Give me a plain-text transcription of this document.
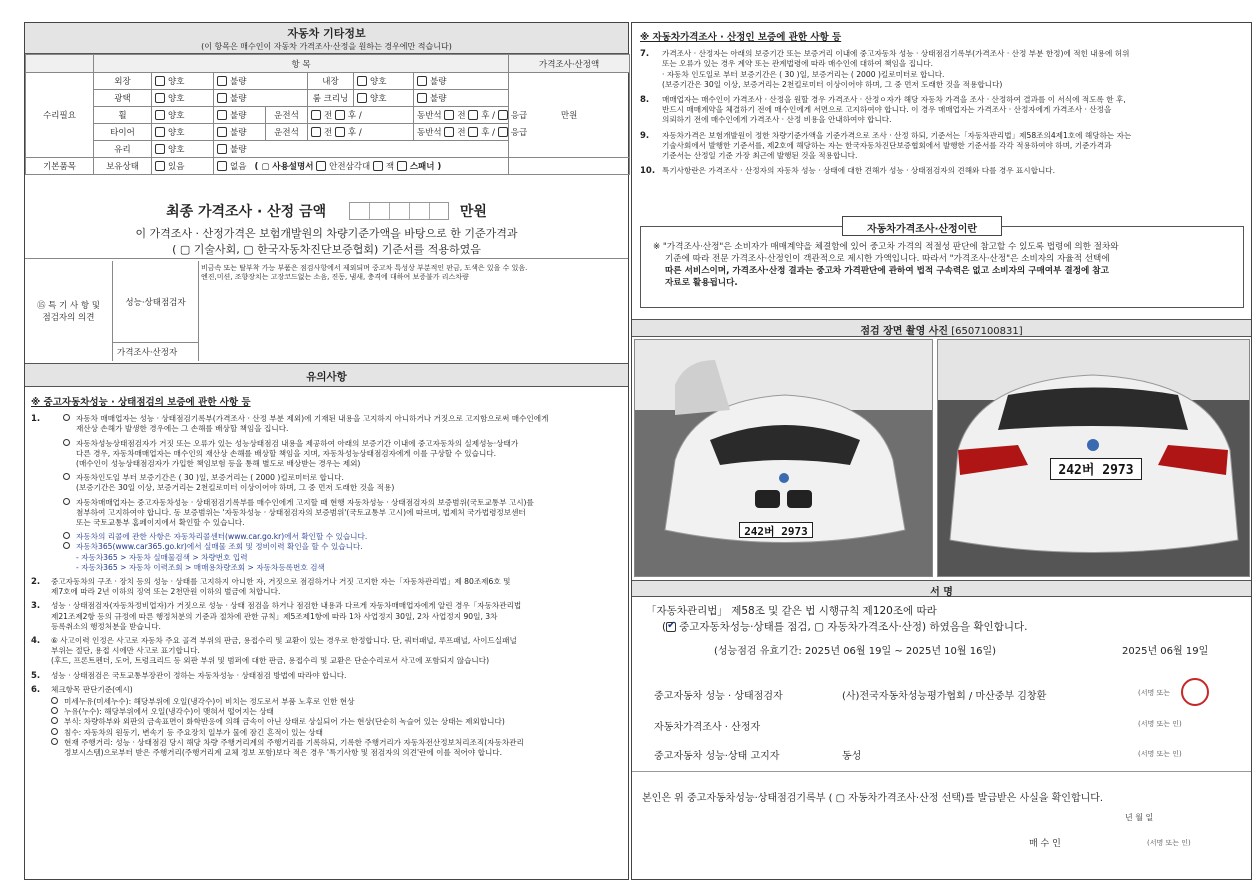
자동차 기타정보
(이 항목은 매수인이 자동차 가격조사·산정을 원하는 경우에만 적습니다)
	항 목							가격조사·산정액
수리필요	외장	양호	불량		내장	양호	불량	만원
	광택	양호	불량		룸 크리닝	양호	불량	
	휠	양호	불량	운전석	전 후 /		동반석 전 후 / 응급	
	타이어	양호	불량	운전석	전 후 /		동반석 전 후 / 응급	
	유리	양호	불량					
기본품목	보유상태	있음	없음 ( ▢ 사용설명서 안전삼각대 잭 스패너 )					
최종 가격조사 · 산정 금액	만원
이 가격조사 · 산정가격은 보험개발원의 차량기준가액을 바탕으로 한 기준가격과
( ▢ 기술사회, ▢ 한국자동차진단보증협회) 기준서를 적용하였음
⑮ 특 기 사 항 및
점검자의 의견
성능·상태점검자
비금속 또는 탈부착 가능 부품은 점검사항에서 제외되며 중고차 특성상 부분적인 판금, 도색은 있을 수 있음.
엔진,미션, 조향장치는 고장코드없는 소음, 진동, 냄새, 충격에 대하여 보증불가 리스차량
가격조사·산정자
유의사항
※ 중고자동차성능 · 상태점검의 보증에 관한 사항 등
1.	자동차 매매업자는 성능 · 상태점검기록부(가격조사 · 산정 부분 제외)에 기재된 내용을 고지하지 아니하거나 거짓으로 고지함으로써 매수인에게
재산상 손해가 발생한 경우에는 그 손해를 배상할 책임을 집니다.
자동차성능상태점검자가 거짓 또는 오류가 있는 성능상태점검 내용을 제공하여 아래의 보증기간 이내에 중고자동차의 실제성능·상태가
다른 경우, 자동차매매업자는 매수인의 재산상 손해를 배상할 책임을 지며, 자동차성능상태점검자에게 이를 구상할 수 있습니다.
(매수인이 성능상태점검자가 가입한 책임보험 등을 통해 별도로 배상받는 경우는 제외)
자동차인도일 부터 보증기간은 ( 30 )일, 보증거리는 ( 2000 )킬로미터로 합니다.
(보증기간은 30일 이상, 보증거리는 2천킬로미터 이상이어야 하며, 그 중 먼저 도래한 것을 적용)
자동차매매업자는 중고자동차성능 · 상태점검기록부를 매수인에게 고지할 때 현행 자동차성능 · 상태점검자의 보증범위(국토교통부 고시)를
첨부하여 고지하여야 합니다. 동 보증범위는 '자동차성능 · 상태점검자의 보증범위'(국토교통부 고시)에 따르며, 법제처 국가법령정보센터
또는 국토교통부 홈페이지에서 확인할 수 있습니다.
자동차의 리콜에 관한 사항은 자동차리콜센터(www.car.go.kr)에서 확인할 수 있습니다.
자동차365(www.car365.go.kr)에서 실매물 조회 및 정비이력 확인을 할 수 있습니다.
- 자동차365 > 자동차 실매물검색 > 차량번호 입력
- 자동차365 > 자동차 이력조회 > 매매용차량조회 > 자동차등록번호 검색
2. 중고자동차의 구조 · 장치 등의 성능 · 상태를 고지하지 아니한 자, 거짓으로 점검하거나 거짓 고지한 자는「자동차관리법」제 80조제6호 및
제7호에 따라 2년 이하의 징역 또는 2천만원 이하의 벌금에 처합니다.
3. 성능 · 상태점검자(자동차정비업자)가 거짓으로 성능 · 상태 점검을 하거나 점검한 내용과 다르게 자동차매매업자에게 알린 경우「자동차관리법
제21조제2항 등의 규정에 따른 행정처분의 기준과 절차에 관한 규칙」제5조제1항에 따라 1차 사업정지 30일, 2차 사업정지 90일, 3차
등록취소의 행정처분을 받습니다.
4. ⑥ 사고이력 인정은 사고로 자동차 주요 골격 부위의 판금, 용접수리 및 교환이 있는 경우로 한정합니다. 단, 쿼터패널, 루프패널, 사이드실패널
부위는 절단, 용접 시에만 사고로 표기합니다.
(후드, 프론트펜더, 도어, 트렁크리드 등 외판 부위 및 범퍼에 대한 판금, 용접수리 및 교환은 단순수리로서 사고에 포함되지 않습니다)
5. 성능 · 상태점검은 국토교통부장관이 정하는 자동차성능 · 상태점검 방법에 따라야 합니다.
6. 체크항목 판단기준(예시)
미세누유(미세누수): 해당부위에 오일(냉각수)이 비치는 정도로서 부품 노후로 인한 현상
누유(누수): 해당부위에서 오일(냉각수)이 맺혀서 떨어지는 상태
부식: 차량하부와 외판의 금속표면이 화학반응에 의해 금속이 아닌 상태로 상실되어 가는 현상(단순히 녹슬어 있는 상태는 제외합니다)
침수: 자동차의 원동기, 변속기 등 주요장치 일부가 물에 잠긴 흔적이 있는 상태
현재 주행거리: 성능 · 상태점검 당시 해당 차량 주행거리계의 주행거리를 기록하되, 기록한 주행거리가 자동차전산정보처리조직(자동차관리
정보시스템)으로부터 받은 주행거리(주행거리계 교체 정보 포함)보다 적은 경우 '특기사항 및 점검자의 의견'란에 이를 적어야 합니다.
※ 자동차가격조사 · 산정인 보증에 관한 사항 등
7. 가격조사 · 산정자는 아래의 보증기간 또는 보증거리 이내에 중고자동차 성능 · 상태점검기록부(가격조사 · 산정 부분 한정)에 적힌 내용에 허위
또는 오류가 있는 경우 계약 또는 관계법령에 따라 매수인에 대하여 책임을 집니다.
· 자동차 인도일로 부터 보증기간은 ( 30 )일, 보증거리는 ( 2000 )킬로미터로 합니다.
(보증기간은 30일 이상, 보증거리는 2천킬로미터 이상이어야 하며, 그 중 먼저 도래한 것을 적용합니다)
8. 매매업자는 매수인이 가격조사 · 산정을 원할 경우 가격조사 · 산정ㅇ자가 해당 자동차 가격을 조사 · 산정하여 결과를 이 서식에 적도록 한 후,
반드시 매매계약을 체결하기 전에 매수인에게 서면으로 고지하여야 합니다. 이 경우 매매업자는 가격조사 · 산정자에게 가격조사 · 산정을
의뢰하기 전에 매수인에게 가격조사 · 산정 비용을 안내하여야 합니다.
9. 자동차가격은 보험개발원이 정한 차량기준가액을 기준가격으로 조사 · 산정 하되, 기준서는「자동차관리법」제58조의4제1호에 해당하는 자는
기술사회에서 발행한 기준서를, 제2호에 해당하는 자는 한국자동차진단보증협회에서 발행한 기준서를 각각 적용하여야 하며, 기준가격과
기준서는 산정일 기준 가장 최근에 발행된 것을 적용합니다.
10. 특기사항란은 가격조사 · 산정자의 자동차 성능 · 상태에 대한 견해가 성능 · 상태점검자의 견해와 다를 경우 표시합니다.
자동차가격조사·산정이란
※ "가격조사·산정"은 소비자가 매매계약을 체결함에 있어 중고차 가격의 적절성 판단에 참고할 수 있도록 법령에 의한 절차와
기준에 따라 전문 가격조사·산정인이 객관적으로 제시한 가액입니다. 따라서 "가격조사·산정"은 소비자의 자율적 선택에
따른 서비스이며, 가격조사·산정 결과는 중고차 가격판단에 관하여 법적 구속력은 없고 소비자의 구매여부 결정에 참고
자료로 활용됩니다.
점검 장면 촬영 사진 [6507100831]
242버 2973
242버 2973
서 명
「자동차관리법」 제58조 및 같은 법 시행규칙 제120조에 따라
( ✔ 중고자동차성능·상태를 점검, ▢ 자동차가격조사·산정) 하였음을 확인합니다.
(성능점검 유효기간: 2025년 06월 19일 ~ 2025년 10월 16일)	2025년 06월 19일
중고자동차 성능 · 상태점검자	(사)전국자동차성능평가협회 / 마산중부 김창환	(서명 또는
자동차가격조사 · 산정자	(서명 또는 인)
중고자동차 성능·상태 고지자	동성	(서명 또는 인)
본인은 위 중고자동차성능·상태점검기록부 ( ▢ 자동차가격조사·산정 선택)를 발급받은 사실을 확인합니다.
년 월 일
매 수 인	(서명 또는 인)
